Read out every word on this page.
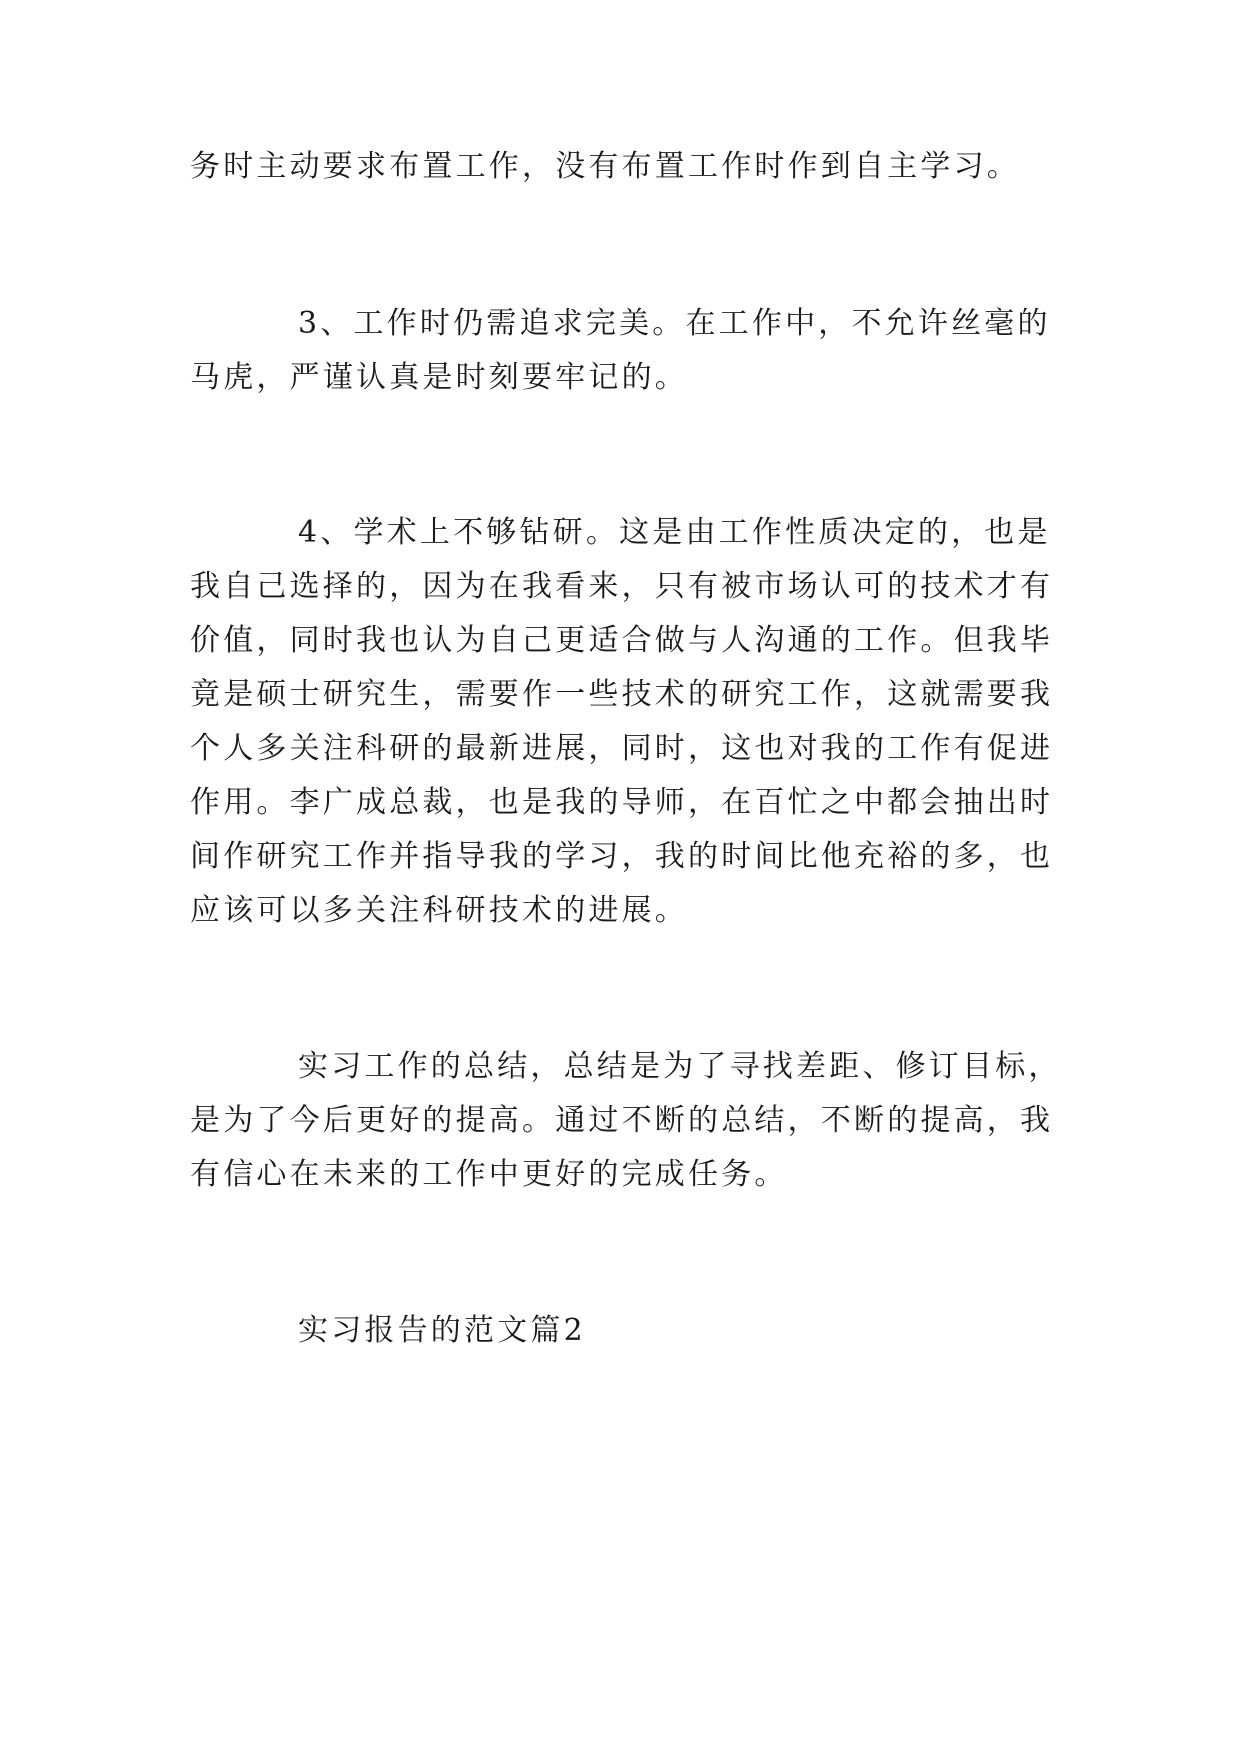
务时主动要求布置工作，没有布置工作时作到自主学习。
3、工作时仍需追求完美。在工作中，不允许丝毫的
马虎，严谨认真是时刻要牢记的。
4、学术上不够钻研。这是由工作性质决定的，也是
我自己选择的，因为在我看来，只有被市场认可的技术才有
价值，同时我也认为自己更适合做与人沟通的工作。但我毕
竟是硕士研究生，需要作一些技术的研究工作，这就需要我
个人多关注科研的最新进展，同时，这也对我的工作有促进
作用。李广成总裁，也是我的导师，在百忙之中都会抽出时
间作研究工作并指导我的学习，我的时间比他充裕的多，也
应该可以多关注科研技术的进展。
实习工作的总结，总结是为了寻找差距、修订目标，
是为了今后更好的提高。通过不断的总结，不断的提高，我
有信心在未来的工作中更好的完成任务。
实习报告的范文篇2
